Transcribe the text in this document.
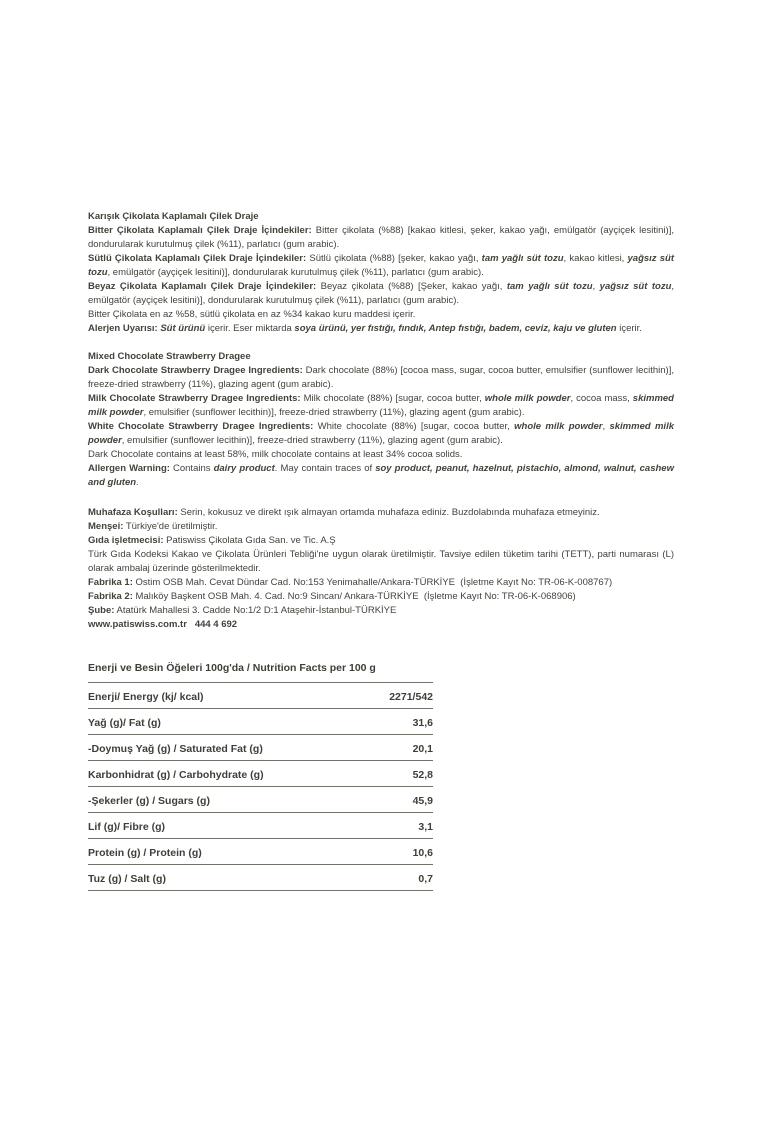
Karışık Çikolata Kaplamalı Çilek Draje

Bitter Çikolata Kaplamalı Çilek Draje İçindekiler: Bitter çikolata (%88) [kakao kitlesi, şeker, kakao yağı, emülgatör (ayçiçek lesitini)], dondurularak kurutulmuş çilek (%11), parlatıcı (gum arabic).

Sütlü Çikolata Kaplamalı Çilek Draje İçindekiler: Sütlü çikolata (%88) [şeker, kakao yağı, tam yağlı süt tozu, kakao kitlesi, yağsız süt tozu, emülgatör (ayçiçek lesitini)], dondurularak kurutulmuş çilek (%11), parlatıcı (gum arabic).

Beyaz Çikolata Kaplamalı Çilek Draje İçindekiler: Beyaz çikolata (%88) [Şeker, kakao yağı, tam yağlı süt tozu, yağsız süt tozu, emülgatör (ayçiçek lesitini)], dondurularak kurutulmuş çilek (%11), parlatıcı (gum arabic).

Bitter Çikolata en az %58, sütlü çikolata en az %34 kakao kuru maddesi içerir.

Alerjen Uyarısı: Süt ürünü içerir. Eser miktarda soya ürünü, yer fıstığı, fındık, Antep fıstığı, badem, ceviz, kaju ve gluten içerir.

Mixed Chocolate Strawberry Dragee

Dark Chocolate Strawberry Dragee Ingredients: Dark chocolate (88%) [cocoa mass, sugar, cocoa butter, emulsifier (sunflower lecithin)], freeze-dried strawberry (11%), glazing agent (gum arabic).

Milk Chocolate Strawberry Dragee Ingredients: Milk chocolate (88%) [sugar, cocoa butter, whole milk powder, cocoa mass, skimmed milk powder, emulsifier (sunflower lecithin)], freeze-dried strawberry (11%), glazing agent (gum arabic).

White Chocolate Strawberry Dragee Ingredients: White chocolate (88%) [sugar, cocoa butter, whole milk powder, skimmed milk powder, emulsifier (sunflower lecithin)], freeze-dried strawberry (11%), glazing agent (gum arabic).

Dark Chocolate contains at least 58%, milk chocolate contains at least 34% cocoa solids.

Allergen Warning: Contains dairy product. May contain traces of soy product, peanut, hazelnut, pistachio, almond, walnut, cashew and gluten.

Muhafaza Koşulları: Serin, kokusuz ve direkt ışık almayan ortamda muhafaza ediniz. Buzdolabında muhafaza etmeyiniz.

Menşei: Türkiye'de üretilmiştir.

Gıda işletmecisi: Patiswiss Çikolata Gıda San. ve Tic. A.Ş

Türk Gıda Kodeksi Kakao ve Çikolata Ürünleri Tebliği'ne uygun olarak üretilmiştir. Tavsiye edilen tüketim tarihi (TETT), parti numarası (L) olarak ambalaj üzerinde gösterilmektedir.

Fabrika 1: Ostim OSB Mah. Cevat Dündar Cad. No:153 Yenimahalle/Ankara-TÜRKİYE  (İşletme Kayıt No: TR-06-K-008767)

Fabrika 2: Malıköy Başkent OSB Mah. 4. Cad. No:9 Sincan/ Ankara-TÜRKİYE  (İşletme Kayıt No: TR-06-K-068906)

Şube: Atatürk Mahallesi 3. Cadde No:1/2 D:1 Ataşehir-İstanbul-TÜRKİYE

www.patiswiss.com.tr   444 4 692

Enerji ve Besin Öğeleri 100g'da / Nutrition Facts per 100 g
Enerji/ Energy (kj/ kcal)	2271/542
Yağ (g)/ Fat (g)	31,6
-Doymuş Yağ (g) / Saturated Fat (g)	20,1
Karbonhidrat (g) / Carbohydrate (g)	52,8
-Şekerler (g) / Sugars (g)	45,9
Lif (g)/ Fibre (g)	3,1
Protein (g) / Protein (g)	10,6
Tuz (g) / Salt (g)	0,7
